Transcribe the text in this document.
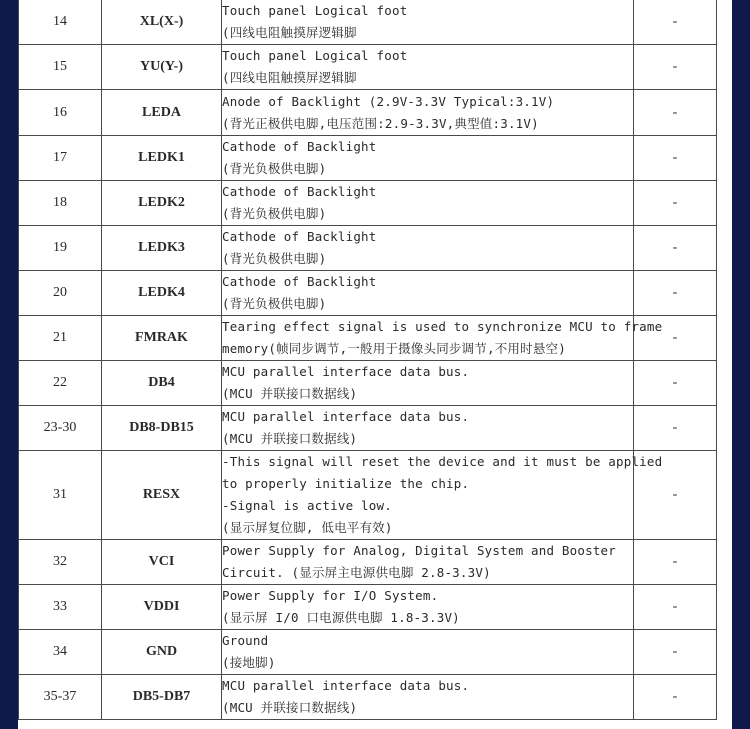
14	XL(X-)	Touch panel Logical foot
(四线电阻触摸屏逻辑脚	-
15	YU(Y-)	Touch panel Logical foot
(四线电阻触摸屏逻辑脚	-
16	LEDA	Anode of Backlight (2.9V-3.3V Typical:3.1V)
(背光正极供电脚,电压范围:2.9-3.3V,典型值:3.1V)	-
17	LEDK1	Cathode of Backlight
(背光负极供电脚)	-
18	LEDK2	Cathode of Backlight
(背光负极供电脚)	-
19	LEDK3	Cathode of Backlight
(背光负极供电脚)	-
20	LEDK4	Cathode of Backlight
(背光负极供电脚)	-
21	FMRAK	Tearing effect signal is used to synchronize MCU to frame
memory(帧同步调节,一般用于摄像头同步调节,不用时悬空)	-
22	DB4	MCU parallel interface data bus.
(MCU 并联接口数据线)	-
23-30	DB8-DB15	MCU parallel interface data bus.
(MCU 并联接口数据线)	-
31	RESX	-This signal will reset the device and it must be applied
to properly initialize the chip.
-Signal is active low.
(显示屏复位脚, 低电平有效)	-
32	VCI	Power Supply for Analog, Digital System and Booster
Circuit. (显示屏主电源供电脚 2.8-3.3V)	-
33	VDDI	Power Supply for I/O System.
(显示屏 I/0 口电源供电脚 1.8-3.3V)	-
34	GND	Ground
(接地脚)	-
35-37	DB5-DB7	MCU parallel interface data bus.
(MCU 并联接口数据线)	-
